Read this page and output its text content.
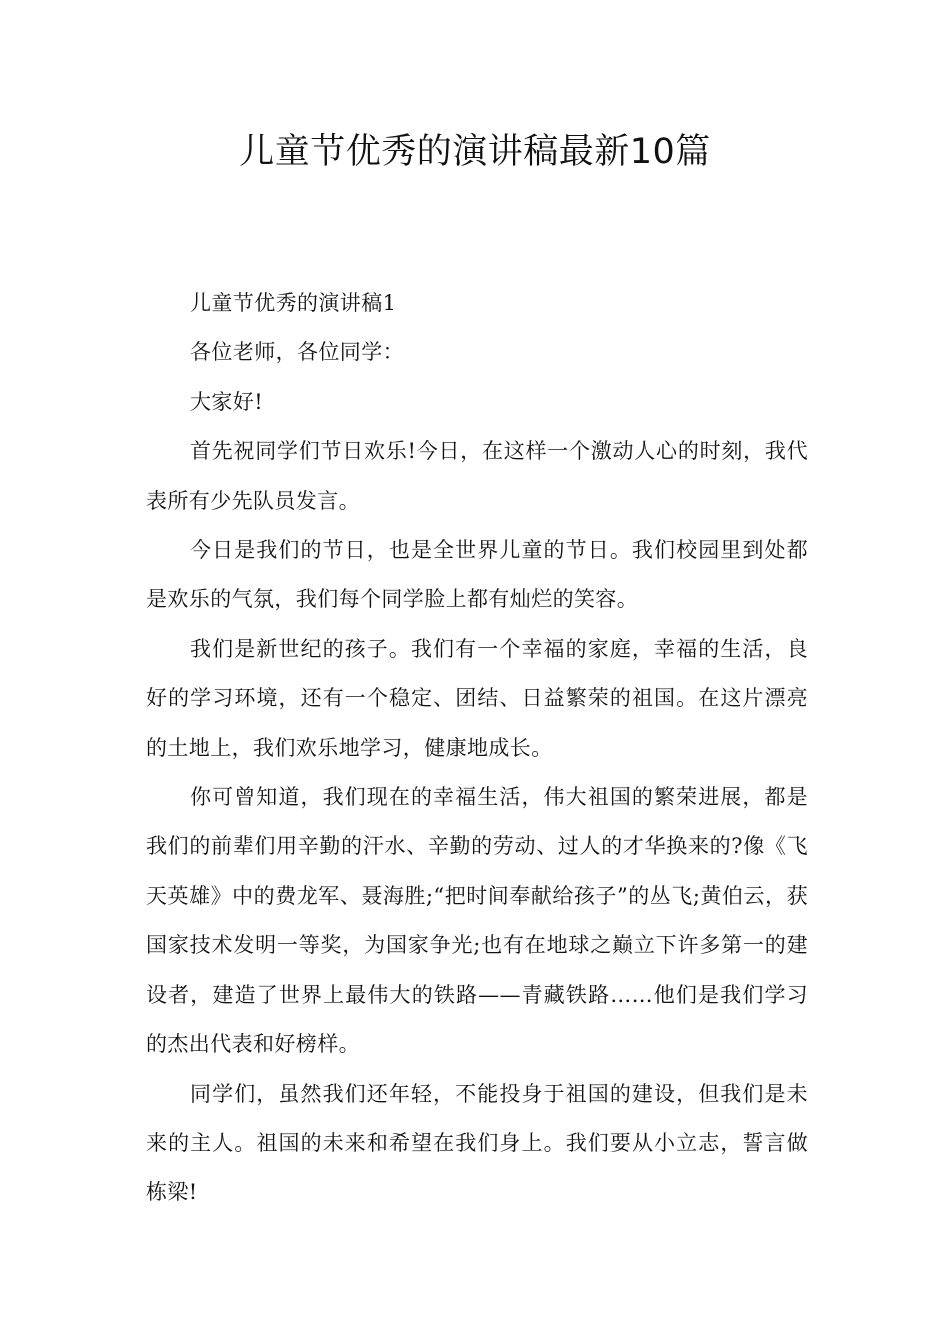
儿童节优秀的演讲稿最新10篇

儿童节优秀的演讲稿1

各位老师，各位同学：

大家好!

首先祝同学们节日欢乐!今日，在这样一个激动人心的时刻，我代表所有少先队员发言。

今日是我们的节日，也是全世界儿童的节日。我们校园里到处都是欢乐的气氛，我们每个同学脸上都有灿烂的笑容。

我们是新世纪的孩子。我们有一个幸福的家庭，幸福的生活，良好的学习环境，还有一个稳定、团结、日益繁荣的祖国。在这片漂亮的土地上，我们欢乐地学习，健康地成长。

你可曾知道，我们现在的幸福生活，伟大祖国的繁荣进展，都是我们的前辈们用辛勤的汗水、辛勤的劳动、过人的才华换来的?像《飞天英雄》中的费龙军、聂海胜;“把时间奉献给孩子”的丛飞;黄伯云，获国家技术发明一等奖，为国家争光;也有在地球之巅立下许多第一的建设者，建造了世界上最伟大的铁路——青藏铁路……他们是我们学习的杰出代表和好榜样。

同学们，虽然我们还年轻，不能投身于祖国的建设，但我们是未来的主人。祖国的未来和希望在我们身上。我们要从小立志，誓言做栋梁!
